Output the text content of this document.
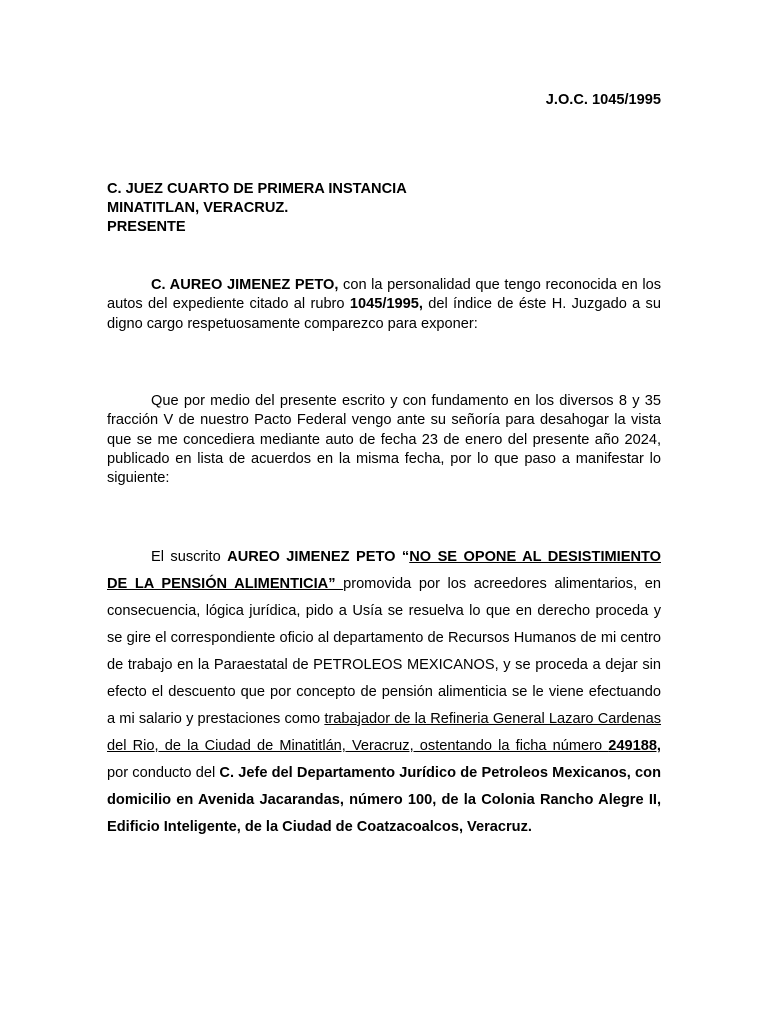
J.O.C. 1045/1995
C. JUEZ CUARTO DE PRIMERA INSTANCIA
MINATITLAN, VERACRUZ.
PRESENTE
C. AUREO JIMENEZ PETO, con la personalidad que tengo reconocida en los autos del expediente citado al rubro 1045/1995, del índice de éste H. Juzgado a su digno cargo respetuosamente comparezco para exponer:
Que por medio del presente escrito y con fundamento en los diversos 8 y 35 fracción V de nuestro Pacto Federal vengo ante su señoría para desahogar la vista que se me concediera mediante auto de fecha 23 de enero del presente año 2024, publicado en lista de acuerdos en la misma fecha, por lo que paso a manifestar lo siguiente:
El suscrito AUREO JIMENEZ PETO “NO SE OPONE AL DESISTIMIENTO DE LA PENSIÓN ALIMENTICIA” promovida por los acreedores alimentarios, en consecuencia, lógica jurídica, pido a Usía se resuelva lo que en derecho proceda y se gire el correspondiente oficio al departamento de Recursos Humanos de mi centro de trabajo en la Paraestatal de PETROLEOS MEXICANOS, y se proceda a dejar sin efecto el descuento que por concepto de pensión alimenticia se le viene efectuando a mi salario y prestaciones como trabajador de la Refineria General Lazaro Cardenas del Rio, de la Ciudad de Minatitlán, Veracruz, ostentando la ficha número 249188, por conducto del C. Jefe del Departamento Jurídico de Petroleos Mexicanos, con domicilio en Avenida Jacarandas, número 100, de la Colonia Rancho Alegre II, Edificio Inteligente, de la Ciudad de Coatzacoalcos, Veracruz.
